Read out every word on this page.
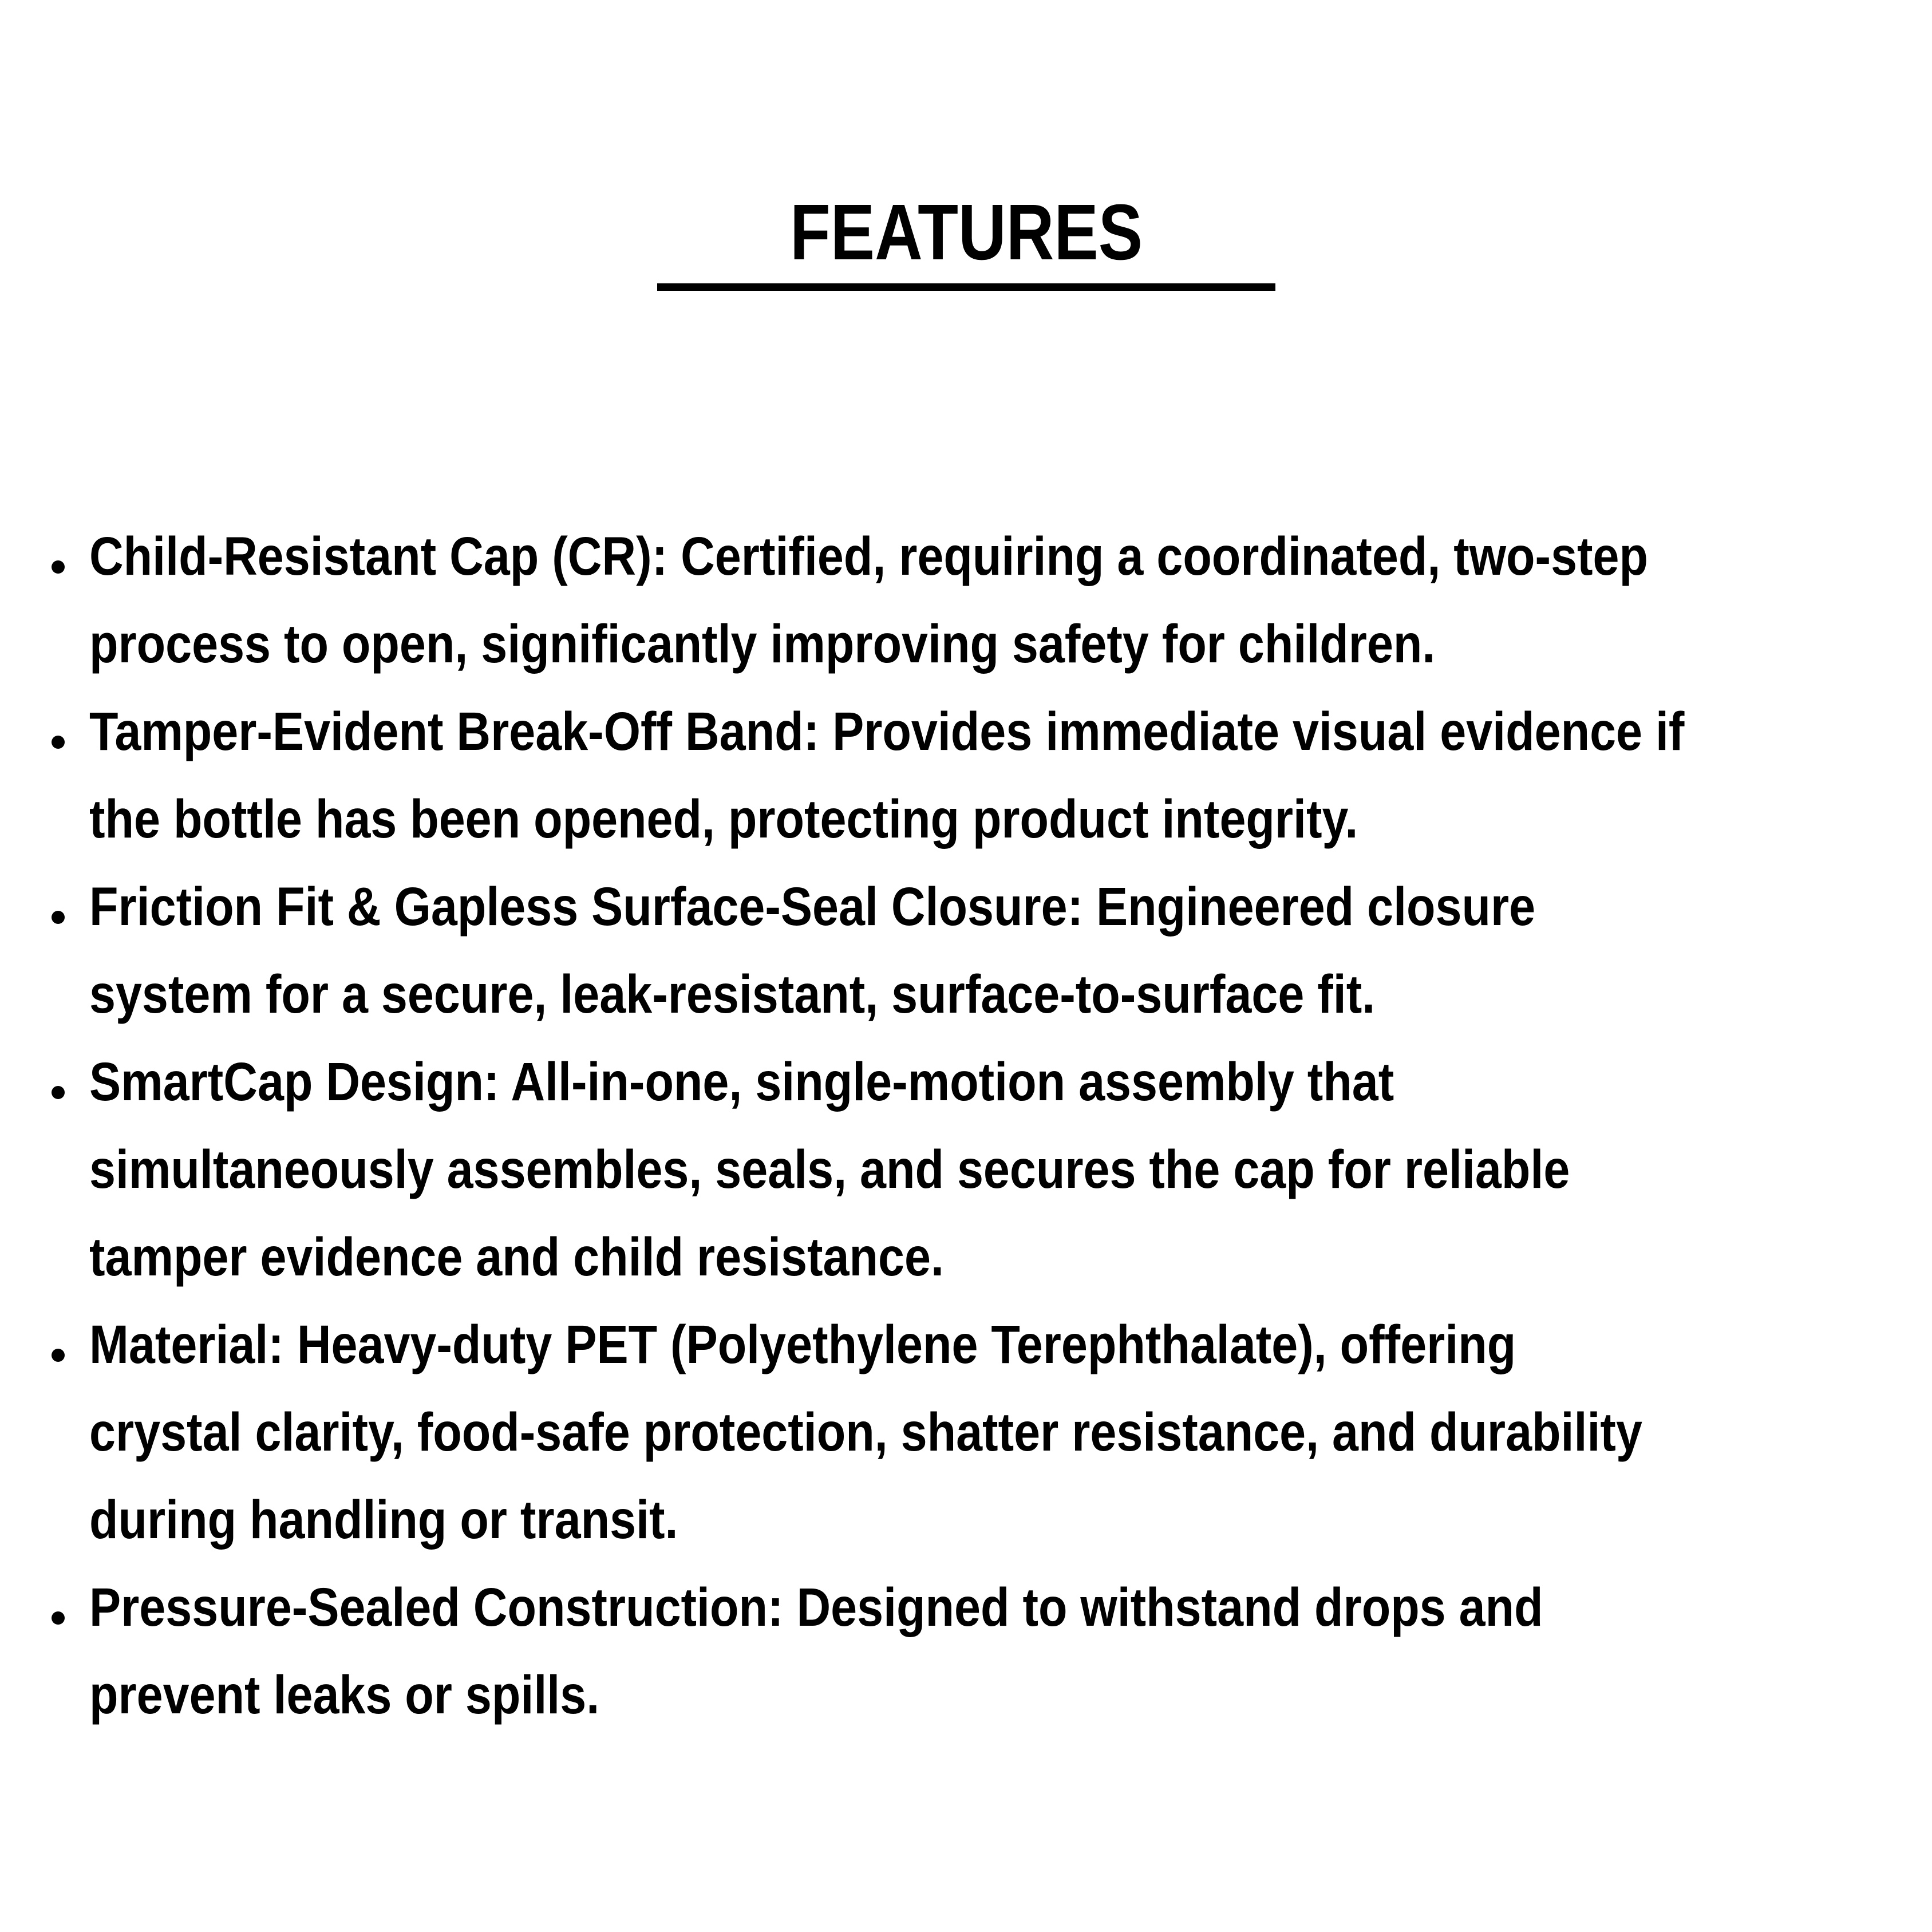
FEATURES
Child-Resistant Cap (CR): Certified, requiring a coordinated, two-step
process to open, significantly improving safety for children.
Tamper-Evident Break-Off Band: Provides immediate visual evidence if
the bottle has been opened, protecting product integrity.
Friction Fit & Gapless Surface-Seal Closure: Engineered closure
system for a secure, leak-resistant, surface-to-surface fit.
SmartCap Design: All-in-one, single-motion assembly that
simultaneously assembles, seals, and secures the cap for reliable
tamper evidence and child resistance.
Material: Heavy-duty PET (Polyethylene Terephthalate), offering
crystal clarity, food-safe protection, shatter resistance, and durability
during handling or transit.
Pressure-Sealed Construction: Designed to withstand drops and
prevent leaks or spills.
